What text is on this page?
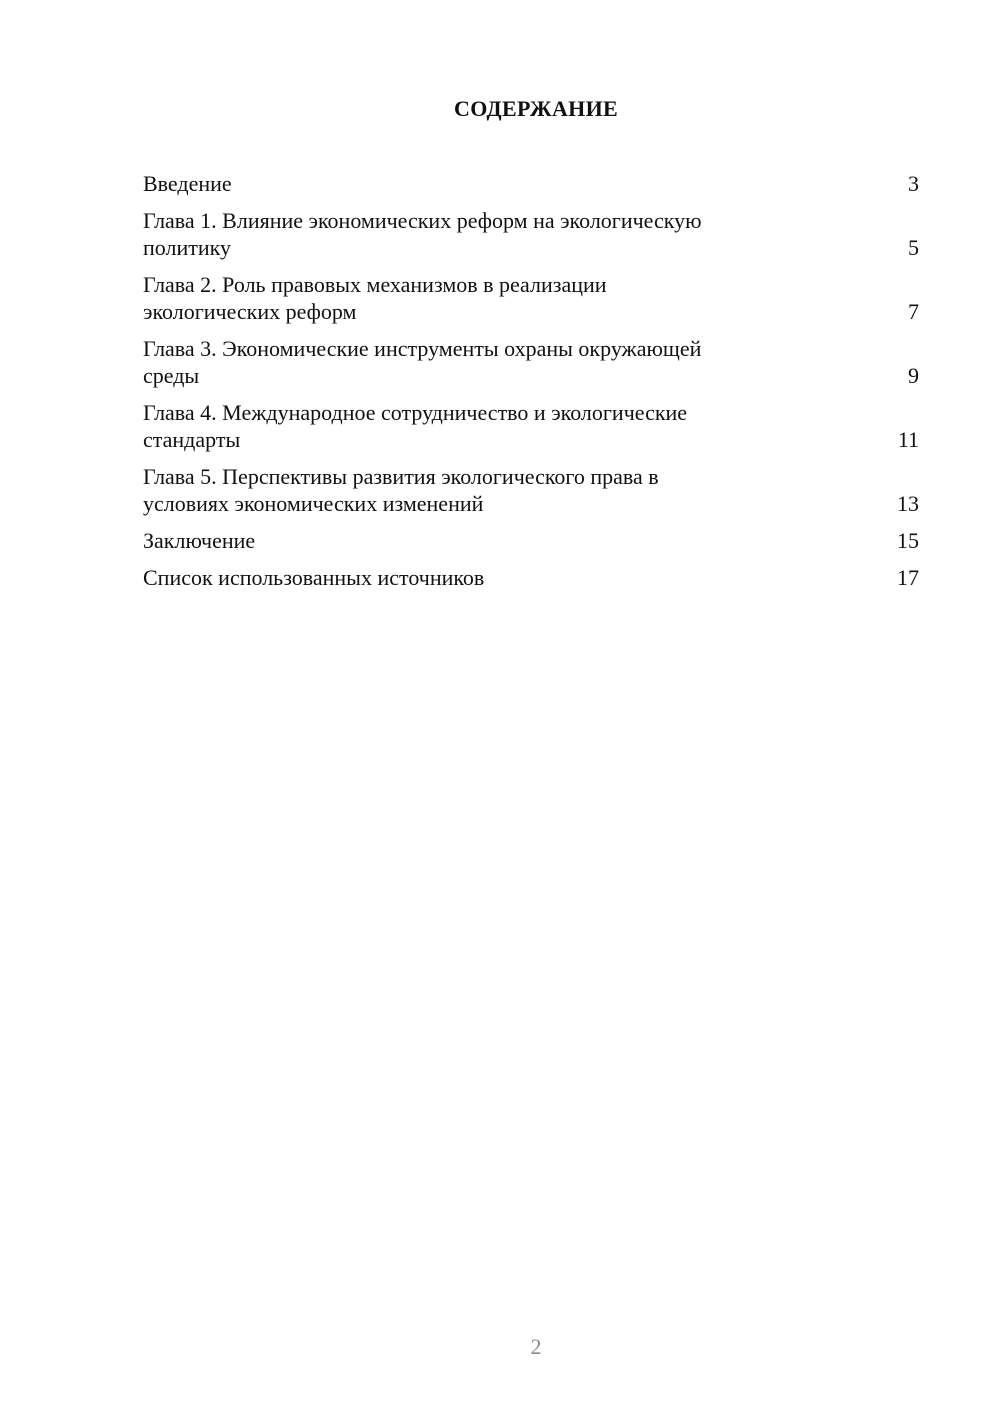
СОДЕРЖАНИЕ
Введение	3
Глава 1. Влияние экономических реформ на экологическую
политику	5
Глава 2. Роль правовых механизмов в реализации
экологических реформ	7
Глава 3. Экономические инструменты охраны окружающей
среды	9
Глава 4. Международное сотрудничество и экологические
стандарты	11
Глава 5. Перспективы развития экологического права в
условиях экономических изменений	13
Заключение	15
Список использованных источников	17
2
